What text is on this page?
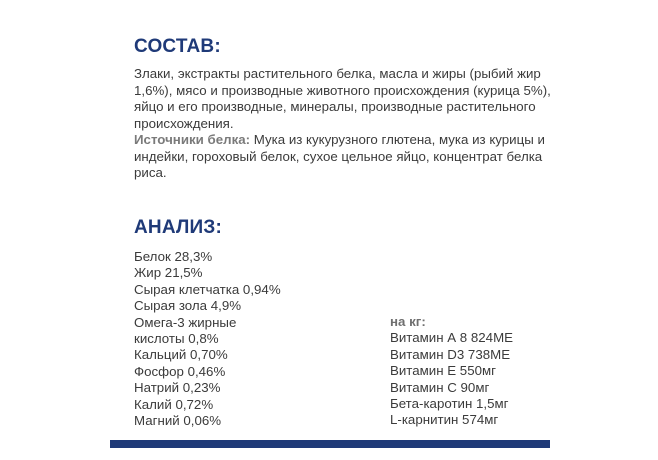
СОСТАВ:

Злаки, экстракты растительного белка, масла и жиры (рыбий жир 1,6%), мясо и производные животного происхождения (курица 5%), яйцо и его производные, минералы, производные растительного происхождения.

Источники белка: Мука из кукурузного глютена, мука из курицы и индейки, гороховый белок, сухое цельное яйцо, концентрат белка риса.

АНАЛИЗ:
Белок 28,3%
Жир 21,5%
Сырая клетчатка 0,94%
Сырая зола 4,9%
Омега-3 жирные
кислоты 0,8%
Кальций 0,70%
Фосфор 0,46%
Натрий 0,23%
Калий 0,72%
Магний 0,06%
на кг:
Витамин А 8 824МЕ
Витамин D3 738МЕ
Витамин Е 550мг
Витамин С 90мг
Бета-каротин 1,5мг
L-карнитин 574мг
